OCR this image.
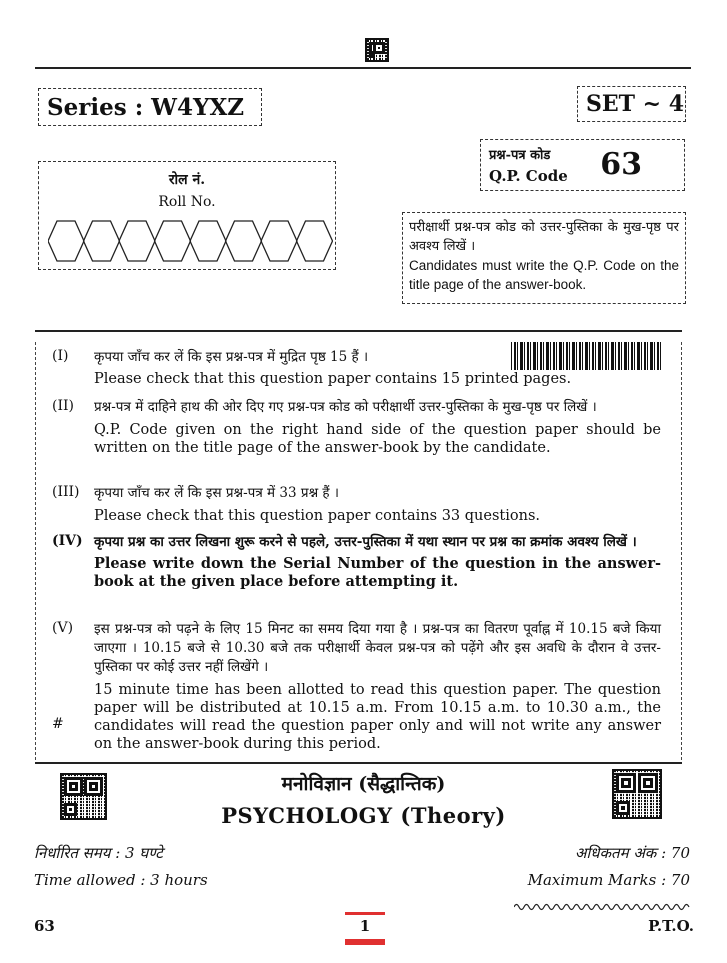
Series : W4YXZ	SET ~ 4
रोल नं.
Roll No.
प्रश्न-पत्र कोड
Q.P. Code 63
परीक्षार्थी प्रश्न-पत्र कोड को उत्तर-पुस्तिका के मुख-पृष्ठ पर अवश्य लिखें ।
Candidates must write the Q.P. Code on the title page of the answer-book.
(I) कृपया जाँच कर लें कि इस प्रश्न-पत्र में मुद्रित पृष्ठ 15 हैं ।
Please check that this question paper contains 15 printed pages.
(II) प्रश्न-पत्र में दाहिने हाथ की ओर दिए गए प्रश्न-पत्र कोड को परीक्षार्थी उत्तर-पुस्तिका के मुख-पृष्ठ पर लिखें ।
Q.P. Code given on the right hand side of the question paper should be written on the title page of the answer-book by the candidate.
(III) कृपया जाँच कर लें कि इस प्रश्न-पत्र में 33 प्रश्न हैं ।
Please check that this question paper contains 33 questions.
(IV) कृपया प्रश्न का उत्तर लिखना शुरू करने से पहले, उत्तर-पुस्तिका में यथा स्थान पर प्रश्न का क्रमांक अवश्य लिखें ।
Please write down the Serial Number of the question in the answer-book at the given place before attempting it.
(V) इस प्रश्न-पत्र को पढ़ने के लिए 15 मिनट का समय दिया गया है । प्रश्न-पत्र का वितरण पूर्वाह्न में 10.15 बजे किया जाएगा । 10.15 बजे से 10.30 बजे तक परीक्षार्थी केवल प्रश्न-पत्र को पढ़ेंगे और इस अवधि के दौरान वे उत्तर-पुस्तिका पर कोई उत्तर नहीं लिखेंगे ।
15 minute time has been allotted to read this question paper. The question paper will be distributed at 10.15 a.m. From 10.15 a.m. to 10.30 a.m., the candidates will read the question paper only and will not write any answer on the answer-book during this period.
#
मनोविज्ञान (सैद्धान्तिक)
PSYCHOLOGY (Theory)
निर्धारित समय : 3 घण्टे
Time allowed : 3 hours
अधिकतम अंक : 70
Maximum Marks : 70
63	1	P.T.O.
